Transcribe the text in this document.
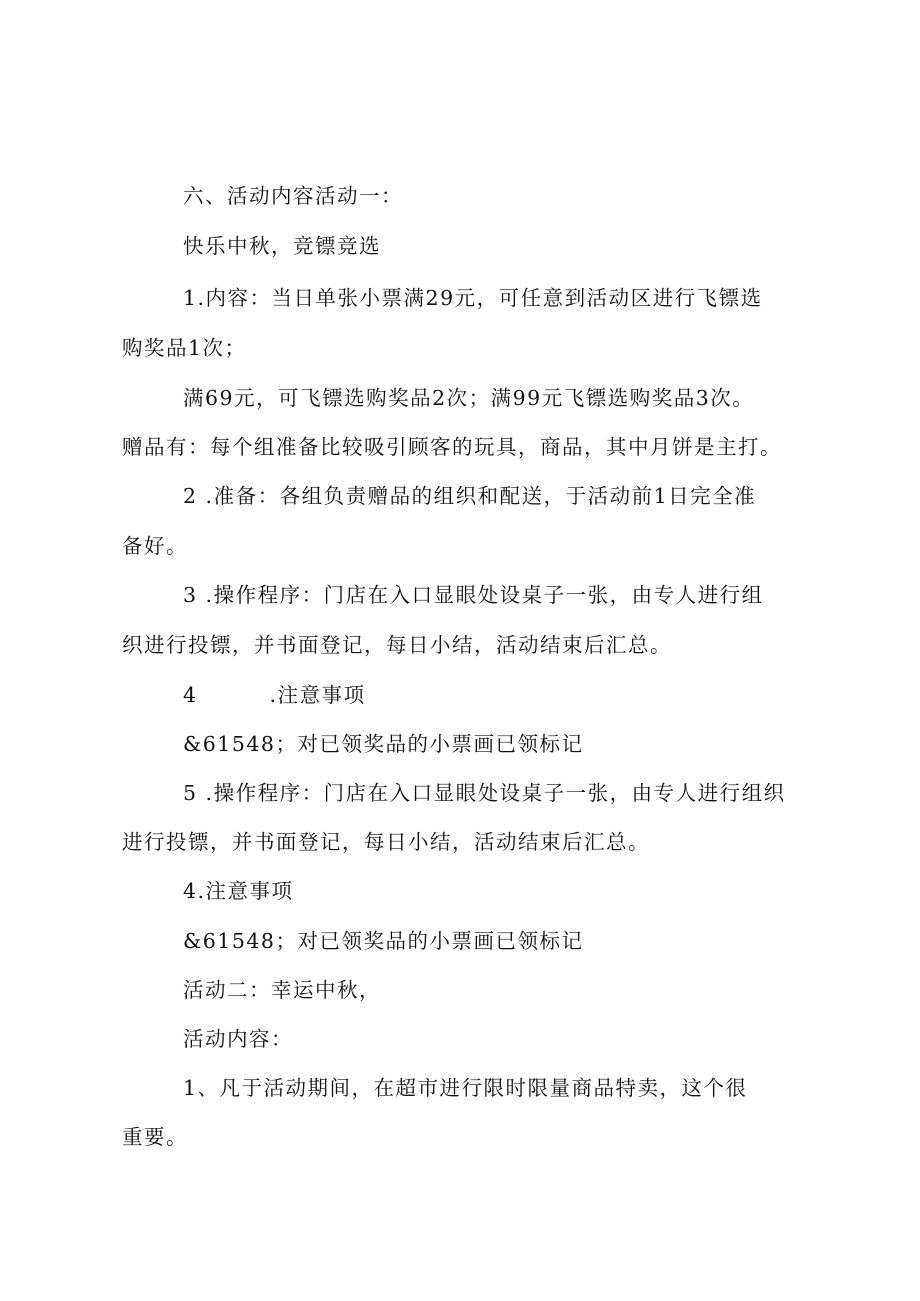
六、活动内容活动一：
快乐中秋，竞镖竞选
1.内容：当日单张小票满29元，可任意到活动区进行飞镖选
购奖品1次；
满69元，可飞镖选购奖品2次；满99元飞镖选购奖品3次。
赠品有：每个组准备比较吸引顾客的玩具，商品，其中月饼是主打。
2 .准备：各组负责赠品的组织和配送，于活动前1日完全准
备好。
3 .操作程序：门店在入口显眼处设桌子一张，由专人进行组
织进行投镖，并书面登记，每日小结，活动结束后汇总。
4	.注意事项
&61548；对已领奖品的小票画已领标记
5 .操作程序：门店在入口显眼处设桌子一张，由专人进行组织
进行投镖，并书面登记，每日小结，活动结束后汇总。
4.注意事项
&61548；对已领奖品的小票画已领标记
活动二：幸运中秋，
活动内容：
1、凡于活动期间，在超市进行限时限量商品特卖，这个很
重要。
